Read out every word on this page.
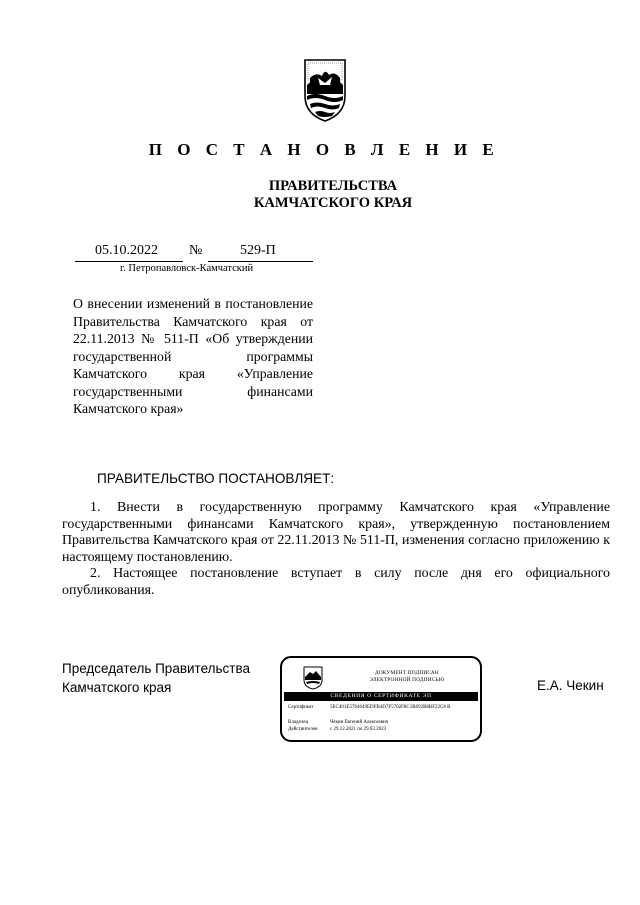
П О С Т А Н О В Л Е Н И Е
ПРАВИТЕЛЬСТВА
КАМЧАТСКОГО КРАЯ
05.10.2022 №	529-П
г. Петропавловск-Камчатский
О внесении изменений в постановление Правительства Камчатского края от 22.11.2013 № 511-П «Об утверждении государственной программы Камчатского края «Управление государственными финансами Камчатского края»
ПРАВИТЕЛЬСТВО ПОСТАНОВЛЯЕТ:

1. Внести в государственную программу Камчатского края «Управление государственными финансами Камчатского края», утвержденную постановлением Правительства Камчатского края от 22.11.2013 № 511-П, изменения согласно приложению к настоящему постановлению.

2. Настоящее постановление вступает в силу после дня его официального опубликования.

Председатель Правительства
Камчатского края
ДОКУМЕНТ ПОДПИСАН
ЭЛЕКТРОННОЙ ПОДПИСЬЮ
СВЕДЕНИЯ О СЕРТИФИКАТЕ ЭП
Сертификат	5EC401E5764649EDFB4D7F5702F8C1B092B8BF22C8 B
Владелец	Чекин Евгений Алексеевич
Действителен	с 29.12.2021 по 29.03.2023
Е.А. Чекин
